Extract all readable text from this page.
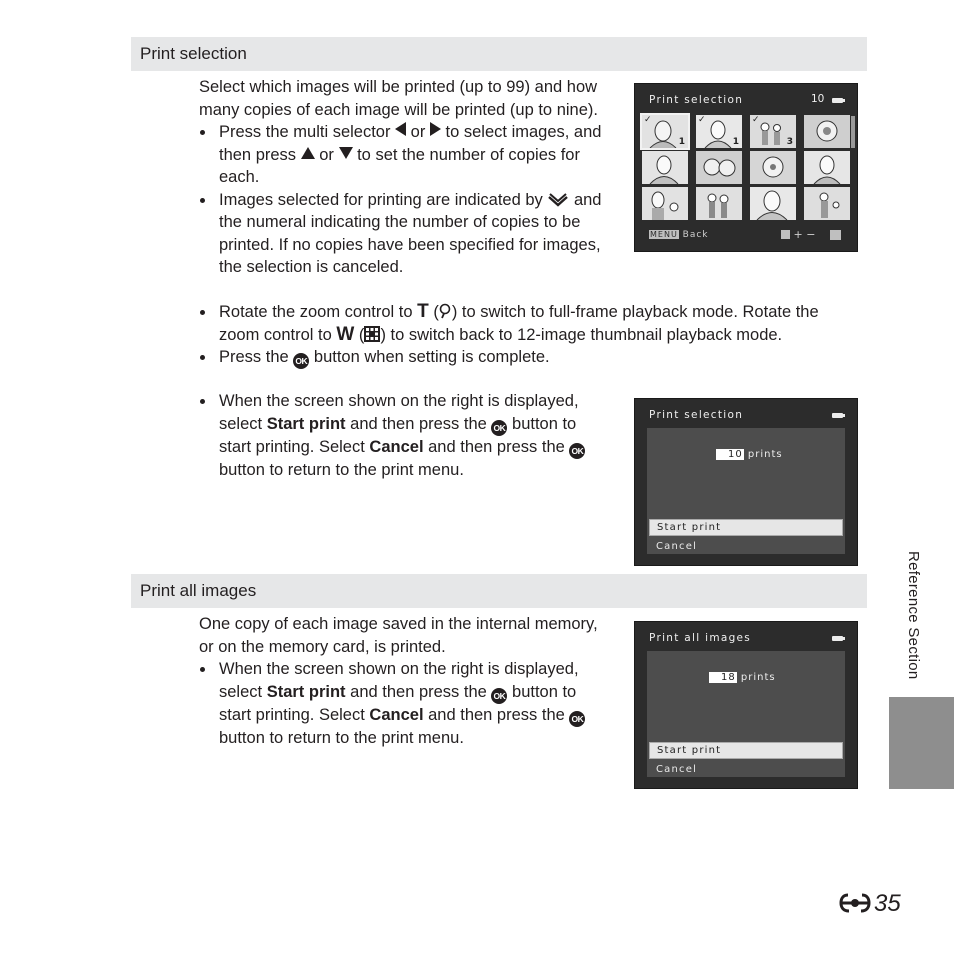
Print selection

Select which images will be printed (up to 99) and how many copies of each image will be printed (up to nine).

Press the multi selector or to select images, and then press or to set the number of copies for each.

Images selected for printing are indicated by and the numeral indicating the number of copies to be printed. If no copies have been specified for images, the selection is canceled.

Rotate the zoom control to T ( ) to switch to full-frame playback mode. Rotate the zoom control to W ( ) to switch back to 12-image thumbnail playback mode.

Press the OK button when setting is complete.

When the screen shown on the right is displayed, select Start print and then press the OK button to start printing. Select Cancel and then press the OK button to return to the print menu.

Print selection	10
✓
1
✓
1
✓
3
MENU Back	+ −
Print selection
10 prints
Start print
Cancel
Print all images

One copy of each image saved in the internal memory, or on the memory card, is printed.

When the screen shown on the right is displayed, select Start print and then press the OK button to start printing. Select Cancel and then press the OK button to return to the print menu.

Print all images
18 prints
Start print
Cancel
Reference Section
35
